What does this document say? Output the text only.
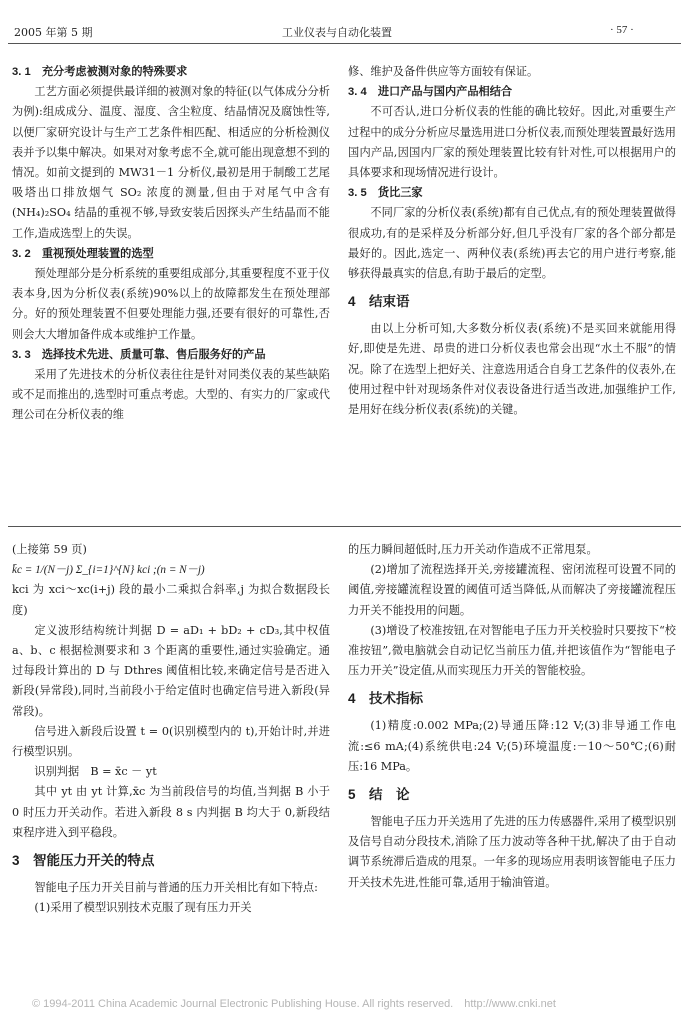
2005 年第 5 期	工业仪表与自动化装置	· 57 ·
3. 1　充分考虑被测对象的特殊要求

工艺方面必须提供最详细的被测对象的特征(以气体成分分析为例):组成成分、温度、湿度、含尘粒度、结晶情况及腐蚀性等,以便厂家研究设计与生产工艺条件相匹配、相适应的分析检测仪表并予以集中解决。如果对对象考虑不全,就可能出现意想不到的情况。如前文提到的 MW31－1 分析仪,最初是用于制酸工艺尾吸塔出口排放烟气 SO₂ 浓度的测量,但由于对尾气中含有(NH₄)₂SO₄ 结晶的重视不够,导致安装后因探头产生结晶而不能工作,造成选型上的失误。

3. 2　重视预处理装置的选型

预处理部分是分析系统的重要组成部分,其重要程度不亚于仪表本身,因为分析仪表(系统)90%以上的故障都发生在预处理部分。好的预处理装置不但要处理能力强,还要有很好的可靠性,否则会大大增加备件成本或维护工作量。

3. 3　选择技术先进、质量可靠、售后服务好的产品

采用了先进技术的分析仪表往往是针对同类仪表的某些缺陷或不足而推出的,选型时可重点考虑。大型的、有实力的厂家或代理公司在分析仪表的维

修、维护及备件供应等方面较有保证。

3. 4　进口产品与国内产品相结合

不可否认,进口分析仪表的性能的确比较好。因此,对重要生产过程中的成分分析应尽量选用进口分析仪表,而预处理装置最好选用国内产品,因国内厂家的预处理装置比较有针对性,可以根据用户的具体要求和现场情况进行设计。

3. 5　货比三家

不同厂家的分析仪表(系统)都有自己优点,有的预处理装置做得很成功,有的是采样及分析部分好,但几乎没有厂家的各个部分都是最好的。因此,选定一、两种仪表(系统)再去它的用户进行考察,能够获得最真实的信息,有助于最后的定型。

4　结束语

由以上分析可知,大多数分析仪表(系统)不是买回来就能用得好,即使是先进、昂贵的进口分析仪表也常会出现“水土不服”的情况。除了在选型上把好关、注意选用适合自身工艺条件的仪表外,在使用过程中针对现场条件对仪表设备进行适当改进,加强维护工作,是用好在线分析仪表(系统)的关键。

(上接第 59 页)

k̄c = 1/(N－j) Σ_{i=1}^{N} kci ;(n = N－j)

kci 为 xci～xc(i+j) 段的最小二乘拟合斜率,j 为拟合数据段长度)

定义波形结构统计判据 D = aD₁ + bD₂ + cD₃,其中权值 a、b、c 根据检测要求和 3 个距离的重要性,通过实验确定。通过每段计算出的 D 与 Dthres 阈值相比较,来确定信号是否进入新段(异常段),同时,当前段小于给定值时也确定信号进入新段(异常段)。

信号进入新段后设置 t = 0(识别模型内的 t),开始计时,并进行模型识别。

识别判据　B = x̄c － yt

其中 yt 由 yt 计算,x̄c 为当前段信号的均值,当判据 B 小于 0 时压力开关动作。若进入新段 8 s 内判据 B 均大于 0,新段结束程序进入到平稳段。

3　智能压力开关的特点

智能电子压力开关目前与普通的压力开关相比有如下特点:

(1)采用了模型识别技术克服了现有压力开关

的压力瞬间超低时,压力开关动作造成不正常甩泵。

(2)增加了流程选择开关,旁接罐流程、密闭流程可设置不同的阈值,旁接罐流程设置的阈值可适当降低,从而解决了旁接罐流程压力开关不能投用的问题。

(3)增设了校准按钮,在对智能电子压力开关校验时只要按下“校准按钮”,微电脑就会自动记忆当前压力值,并把该值作为“智能电子压力开关”设定值,从而实现压力开关的智能校验。

4　技术指标

(1)精度:0.002 MPa;(2)导通压降:12 V;(3)非导通工作电流:≤6 mA;(4)系统供电:24 V;(5)环境温度:－10～50℃;(6)耐压:16 MPa。

5　结　论

智能电子压力开关选用了先进的压力传感器件,采用了模型识别及信号自动分段技术,消除了压力波动等各种干扰,解决了由于自动调节系统滞后造成的甩泵。一年多的现场应用表明该智能电子压力开关技术先进,性能可靠,适用于输油管道。

© 1994-2011 China Academic Journal Electronic Publishing House. All rights reserved.　http://www.cnki.net
